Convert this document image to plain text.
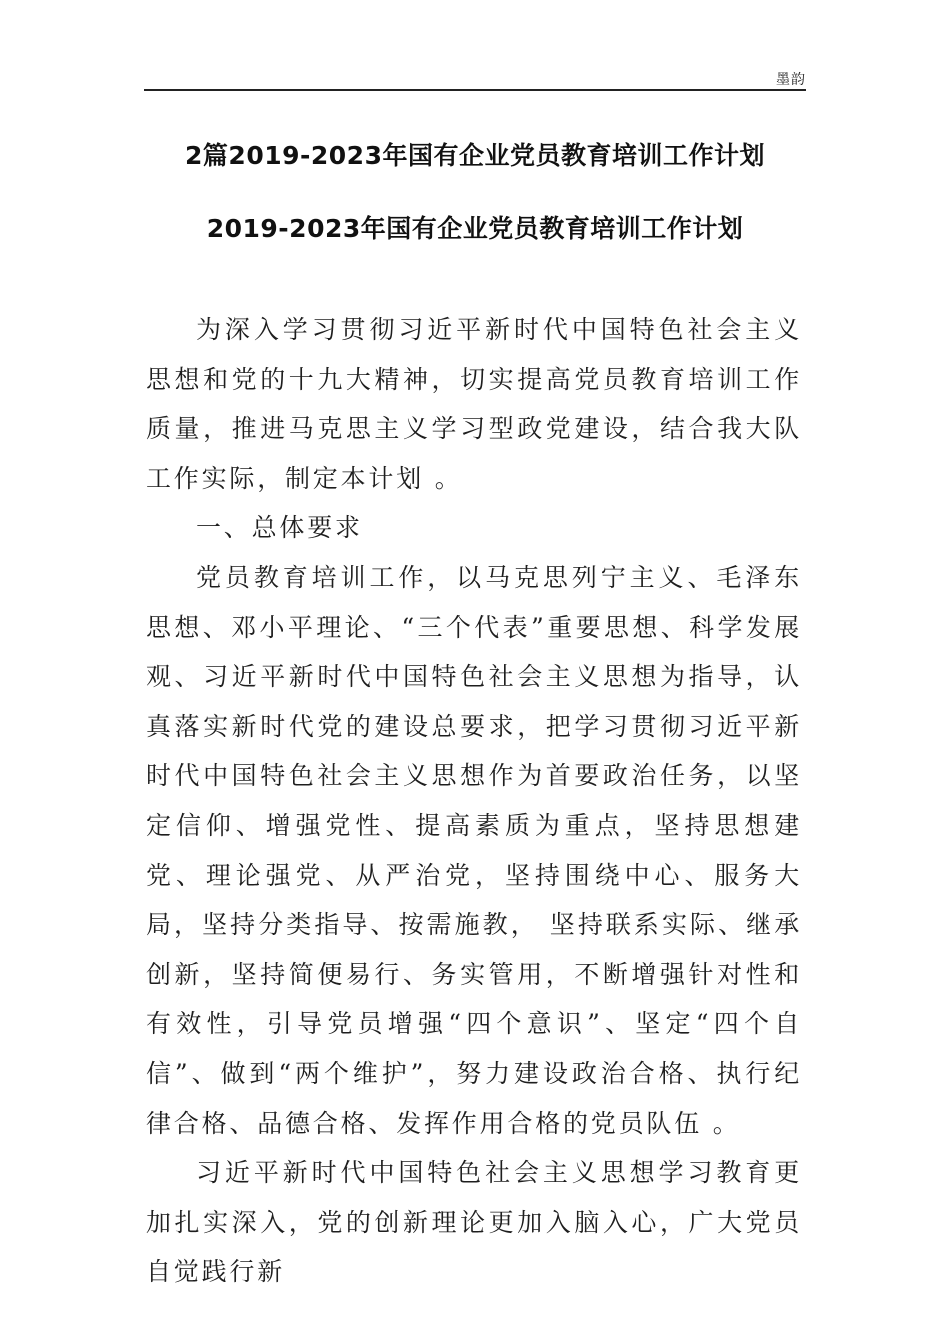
墨韵
2篇2019-2023年国有企业党员教育培训工作计划
2019-2023年国有企业党员教育培训工作计划

为深入学习贯彻习近平新时代中国特色社会主义思想和党的十九大精神，切实提高党员教育培训工作质量，推进马克思主义学习型政党建设，结合我大队工作实际，制定本计划 。

一、总体要求

党员教育培训工作，以马克思列宁主义、毛泽东思想、邓小平理论、“三个代表”重要思想、科学发展观、习近平新时代中国特色社会主义思想为指导，认真落实新时代党的建设总要求，把学习贯彻习近平新时代中国特色社会主义思想作为首要政治任务，以坚定信仰、增强党性、提高素质为重点，坚持思想建党、理论强党、从严治党，坚持围绕中心、服务大局，坚持分类指导、按需施教， 坚持联系实际、继承创新，坚持简便易行、务实管用，不断增强针对性和有效性，引导党员增强“四个意识”、坚定“四个自信”、做到“两个维护”，努力建设政治合格、执行纪律合格、品德合格、发挥作用合格的党员队伍 。

习近平新时代中国特色社会主义思想学习教育更加扎实深入，党的创新理论更加入脑入心，广大党员自觉践行新
